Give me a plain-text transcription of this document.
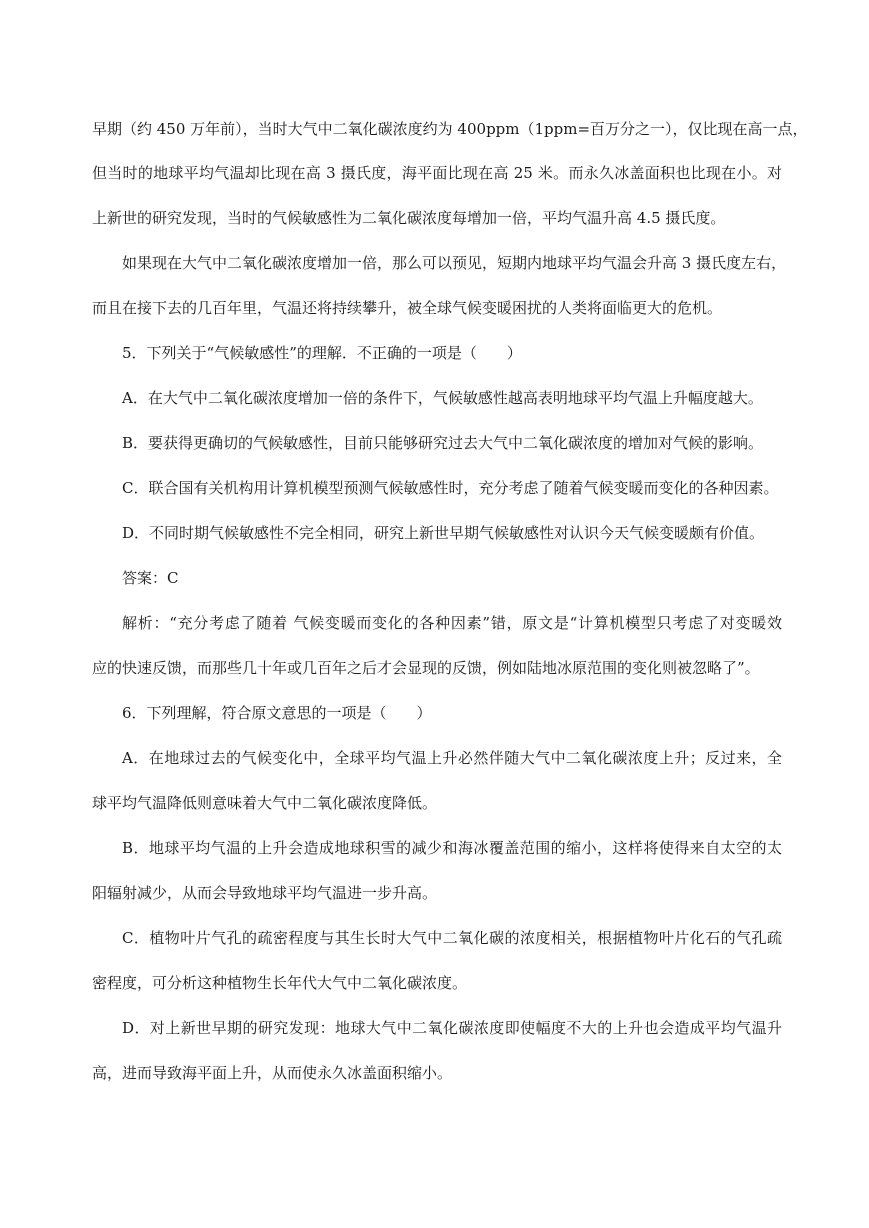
早期（约 450 万年前），当时大气中二氧化碳浓度约为 400ppm（1ppm=百万分之一），仅比现在高一点，

但当时的地球平均气温却比现在高 3 摄氏度，海平面比现在高 25 米。而永久冰盖面积也比现在小。对

上新世的研究发现，当时的气候敏感性为二氧化碳浓度每增加一倍，平均气温升高 4.5 摄氏度。

如果现在大气中二氧化碳浓度增加一倍，那么可以预见，短期内地球平均气温会升高 3 摄氏度左右，

而且在接下去的几百年里，气温还将持续攀升，被全球气候变暖困扰的人类将面临更大的危机。

5．下列关于“气候敏感性”的理解．不正确的一项是（　　）

A．在大气中二氧化碳浓度增加一倍的条件下，气候敏感性越高表明地球平均气温上升幅度越大。

B．要获得更确切的气候敏感性，目前只能够研究过去大气中二氧化碳浓度的增加对气候的影响。

C．联合国有关机构用计算机模型预测气候敏感性时，充分考虑了随着气候变暖而变化的各种因素。

D．不同时期气候敏感性不完全相同，研究上新世早期气候敏感性对认识今天气候变暖颇有价值。

答案：C

解析：“充分考虑了随着 气候变暖而变化的各种因素”错，原文是“计算机模型只考虑了对变暖效

应的快速反馈，而那些几十年或几百年之后才会显现的反馈，例如陆地冰原范围的变化则被忽略了”。

6．下列理解，符合原文意思的一项是（　　）

A．在地球过去的气候变化中，全球平均气温上升必然伴随大气中二氧化碳浓度上升；反过来，全

球平均气温降低则意味着大气中二氧化碳浓度降低。

B．地球平均气温的上升会造成地球积雪的减少和海冰覆盖范围的缩小，这样将使得来自太空的太

阳辐射减少，从而会导致地球平均气温进一步升高。

C．植物叶片气孔的疏密程度与其生长时大气中二氧化碳的浓度相关，根据植物叶片化石的气孔疏

密程度，可分析这种植物生长年代大气中二氧化碳浓度。

D．对上新世早期的研究发现：地球大气中二氧化碳浓度即使幅度不大的上升也会造成平均气温升

高，进而导致海平面上升，从而使永久冰盖面积缩小。
